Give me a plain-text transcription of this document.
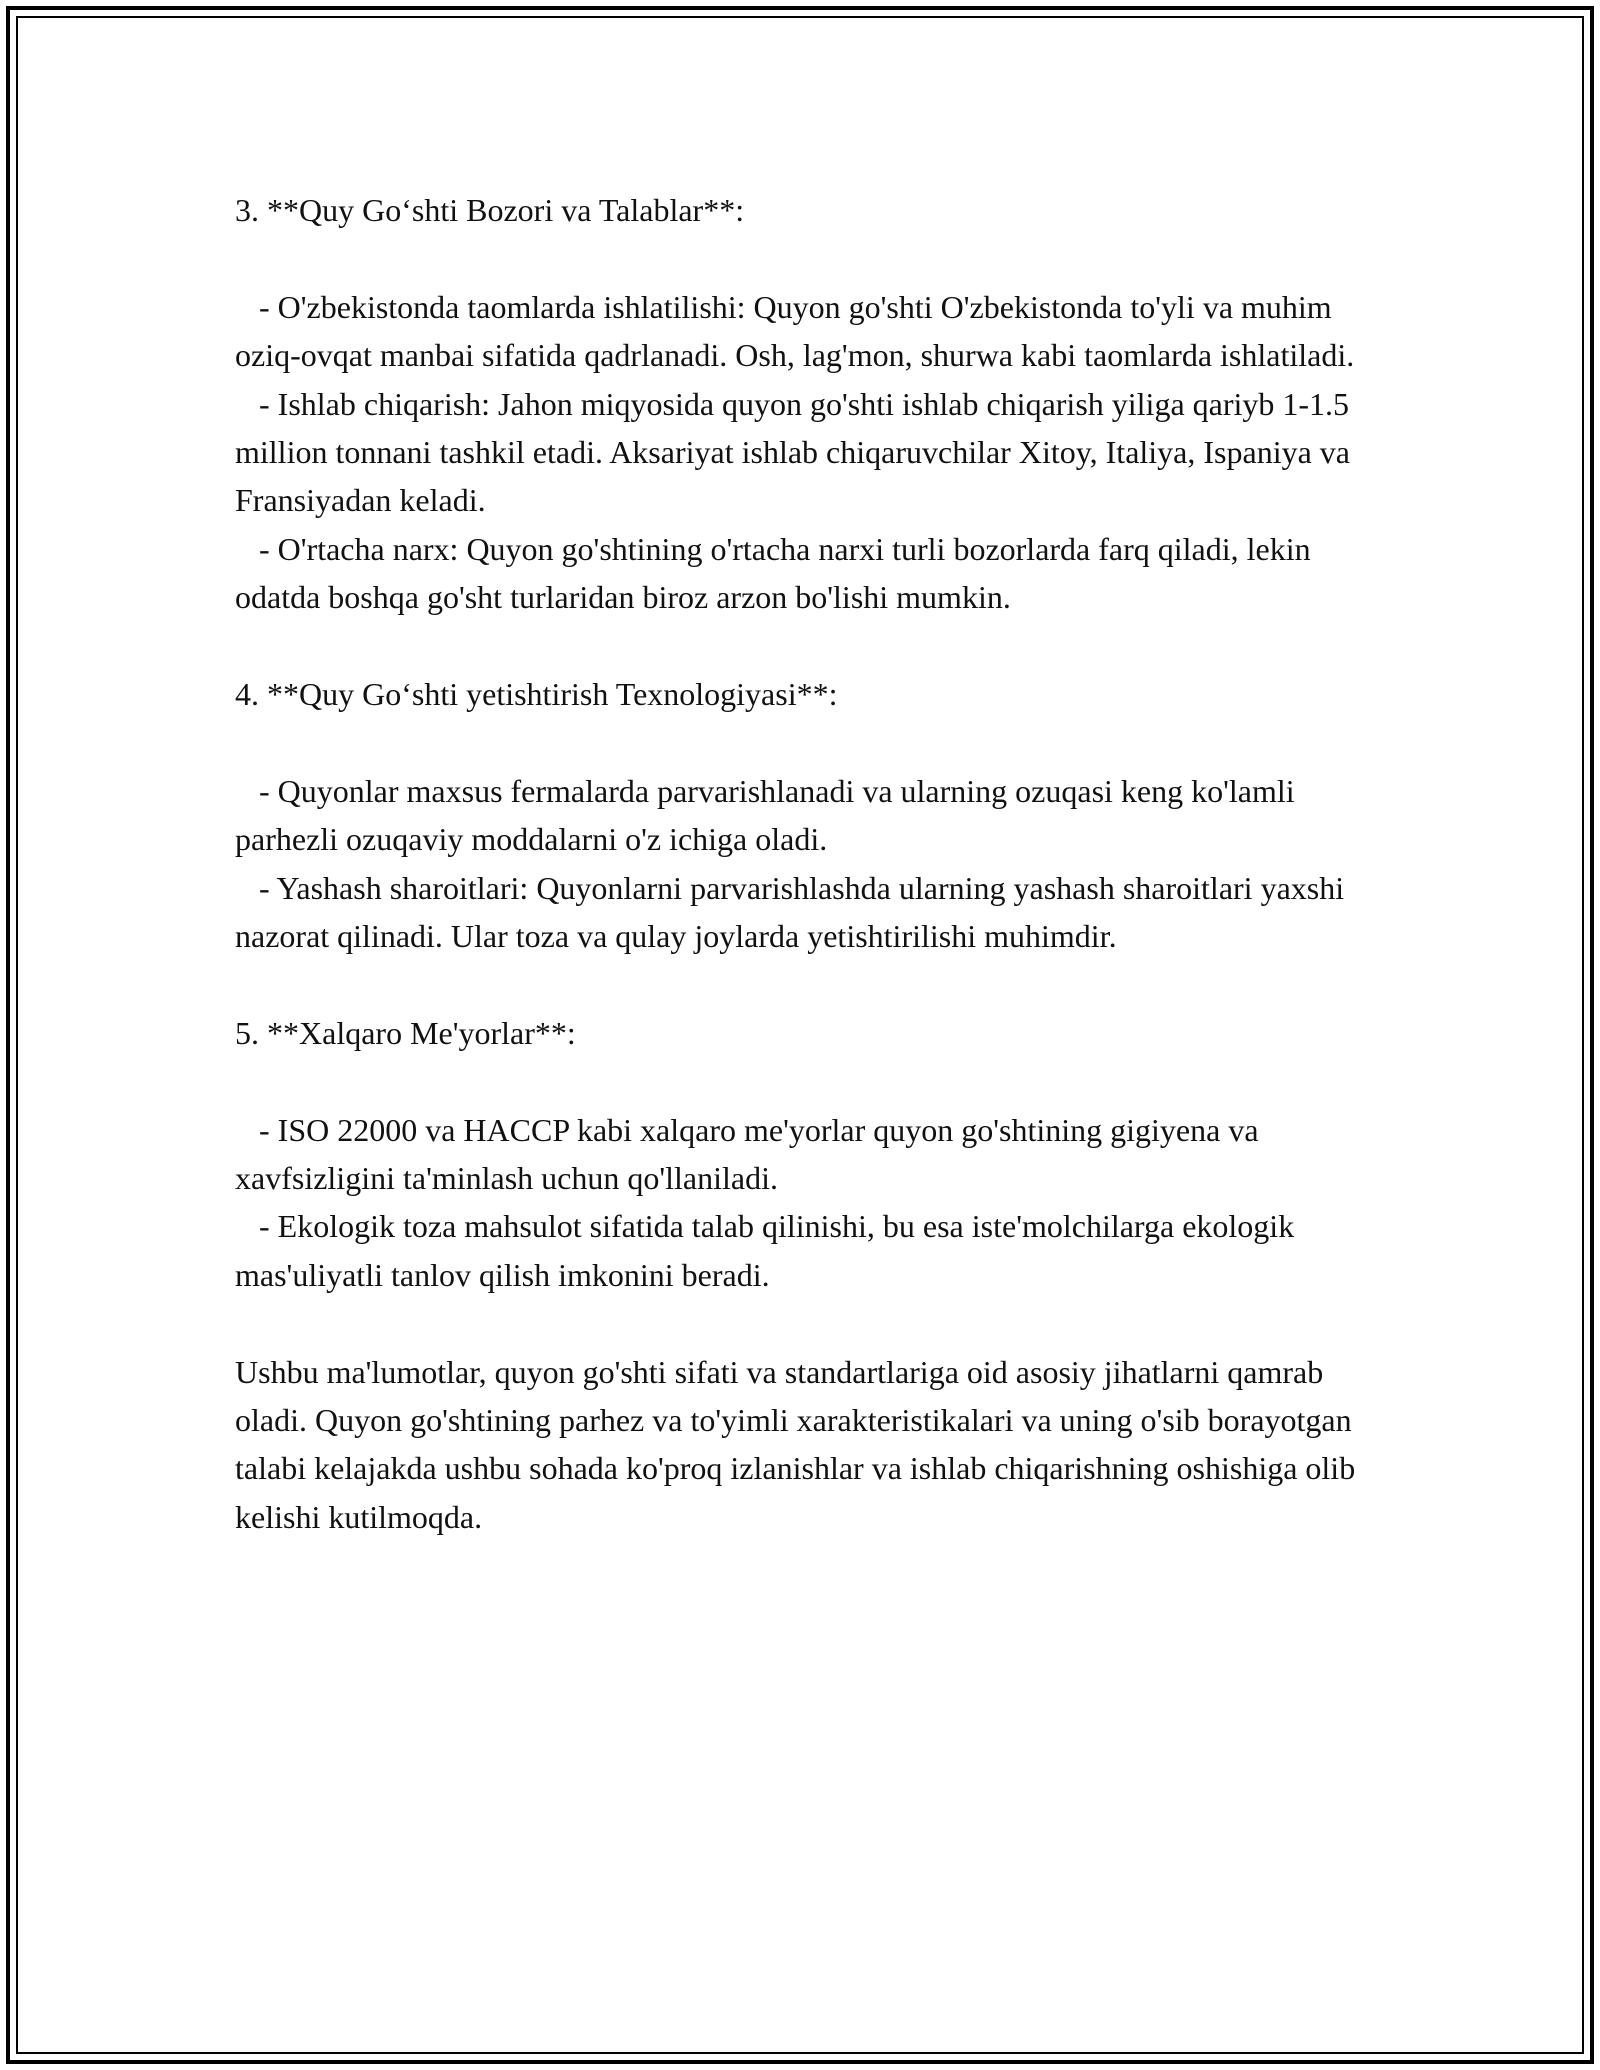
3. **Quy Go‘shti Bozori va Talablar**:

- O'zbekistonda taomlarda ishlatilishi: Quyon go'shti O'zbekistonda to'yli va muhim oziq-ovqat manbai sifatida qadrlanadi. Osh, lag'mon, shurwa kabi taomlarda ishlatiladi.

- Ishlab chiqarish: Jahon miqyosida quyon go'shti ishlab chiqarish yiliga qariyb 1-1.5 million tonnani tashkil etadi. Aksariyat ishlab chiqaruvchilar Xitoy, Italiya, Ispaniya va Fransiyadan keladi.

- O'rtacha narx: Quyon go'shtining o'rtacha narxi turli bozorlarda farq qiladi, lekin odatda boshqa go'sht turlaridan biroz arzon bo'lishi mumkin.

4. **Quy Go‘shti yetishtirish Texnologiyasi**:

- Quyonlar maxsus fermalarda parvarishlanadi va ularning ozuqasi keng ko'lamli parhezli ozuqaviy moddalarni o'z ichiga oladi.

- Yashash sharoitlari: Quyonlarni parvarishlashda ularning yashash sharoitlari yaxshi nazorat qilinadi. Ular toza va qulay joylarda yetishtirilishi muhimdir.

5. **Xalqaro Me'yorlar**:

- ISO 22000 va HACCP kabi xalqaro me'yorlar quyon go'shtining gigiyena va xavfsizligini ta'minlash uchun qo'llaniladi.

- Ekologik toza mahsulot sifatida talab qilinishi, bu esa iste'molchilarga ekologik mas'uliyatli tanlov qilish imkonini beradi.

Ushbu ma'lumotlar, quyon go'shti sifati va standartlariga oid asosiy jihatlarni qamrab oladi. Quyon go'shtining parhez va to'yimli xarakteristikalari va uning o'sib borayotgan talabi kelajakda ushbu sohada ko'proq izlanishlar va ishlab chiqarishning oshishiga olib kelishi kutilmoqda.
